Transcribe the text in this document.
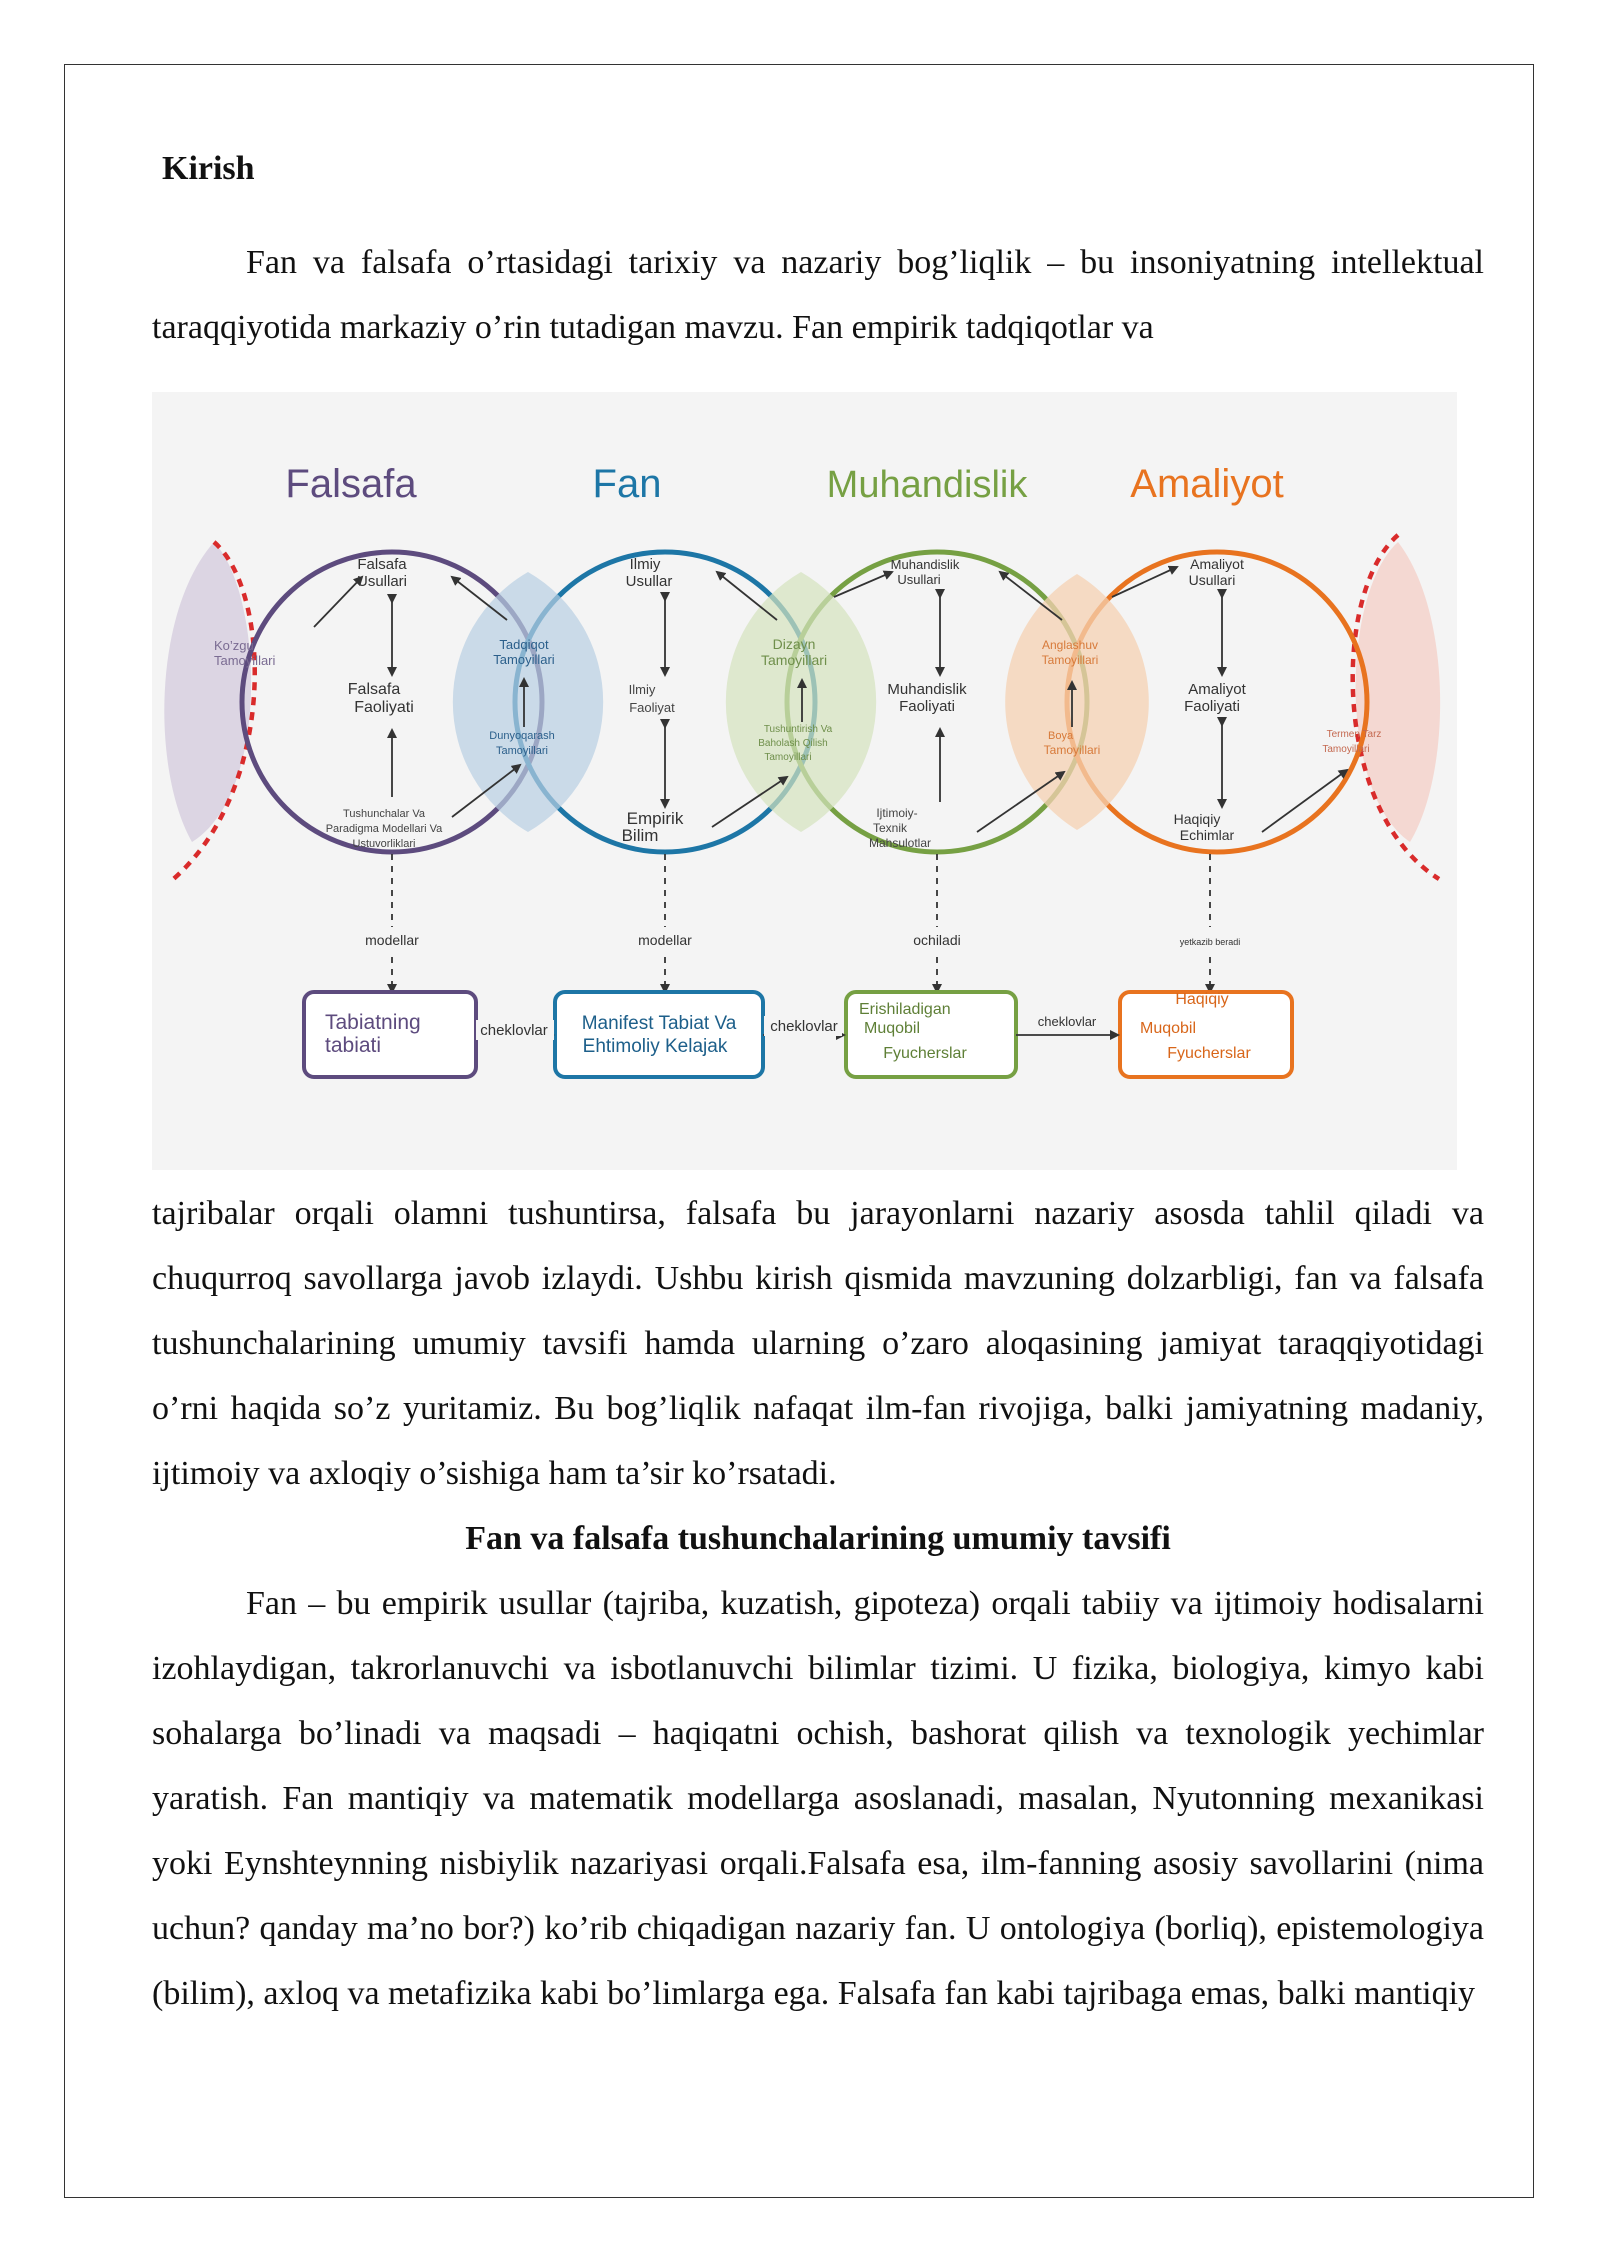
Kirish

Fan va falsafa o’rtasidagi tarixiy va nazariy bog’liqlik – bu insoniyatning intellektual taraqqiyotida markaziy o’rin tutadigan mavzu. Fan empirik tadqiqotlar va

Falsafa	Fan	Muhandislik	Amaliyot
Falsafa
Usullari
Falsafa
Faoliyati
Ko’zgu
Tamoyillari
Tushunchalar Va
Paradigma Modellari Va
Ustuvorliklari
Ilmiy
Usullar
Ilmiy
Faoliyat
Tadqiqot
Tamoyillari
Dunyoqarash
Tamoyillari
Empirik
Bilim
Muhandislik
Usullari
Muhandislik
Faoliyati
Dizayn
Tamoyillari
Tushuntirish Va
Baholash Qilish
Tamoyillari
Ijtimoiy-
Texnik
Mahsulotlar
Amaliyot
Usullari
Amaliyot
Faoliyati
Anglashuv
Tamoyillari
Boya
Tamoyillari
Haqiqiy
Echimlar
Termen Tarz
Tamoyillari
modellar	modellar	ochiladi	yetkazib beradi
Tabiatning
tabiati
Manifest Tabiat Va
Ehtimoliy Kelajak
Erishiladigan
Muqobil
Fyucherslar
Haqiqiy
Muqobil
Fyucherslar
cheklovlar	cheklovlar	cheklovlar

tajribalar orqali olamni tushuntirsa, falsafa bu jarayonlarni nazariy asosda tahlil qiladi va chuqurroq savollarga javob izlaydi. Ushbu kirish qismida mavzuning dolzarbligi, fan va falsafa tushunchalarining umumiy tavsifi hamda ularning o’zaro aloqasining jamiyat taraqqiyotidagi o’rni haqida so’z yuritamiz. Bu bog’liqlik nafaqat ilm-fan rivojiga, balki jamiyatning madaniy, ijtimoiy va axloqiy o’sishiga ham ta’sir ko’rsatadi.

Fan va falsafa tushunchalarining umumiy tavsifi

Fan – bu empirik usullar (tajriba, kuzatish, gipoteza) orqali tabiiy va ijtimoiy hodisalarni izohlaydigan, takrorlanuvchi va isbotlanuvchi bilimlar tizimi. U fizika, biologiya, kimyo kabi sohalarga bo’linadi va maqsadi – haqiqatni ochish, bashorat qilish va texnologik yechimlar yaratish. Fan mantiqiy va matematik modellarga asoslanadi, masalan, Nyutonning mexanikasi yoki Eynshteynning nisbiylik nazariyasi orqali.Falsafa esa, ilm-fanning asosiy savollarini (nima uchun? qanday ma’no bor?) ko’rib chiqadigan nazariy fan. U ontologiya (borliq), epistemologiya (bilim), axloq va metafizika kabi bo’limlarga ega. Falsafa fan kabi tajribaga emas, balki mantiqiy
